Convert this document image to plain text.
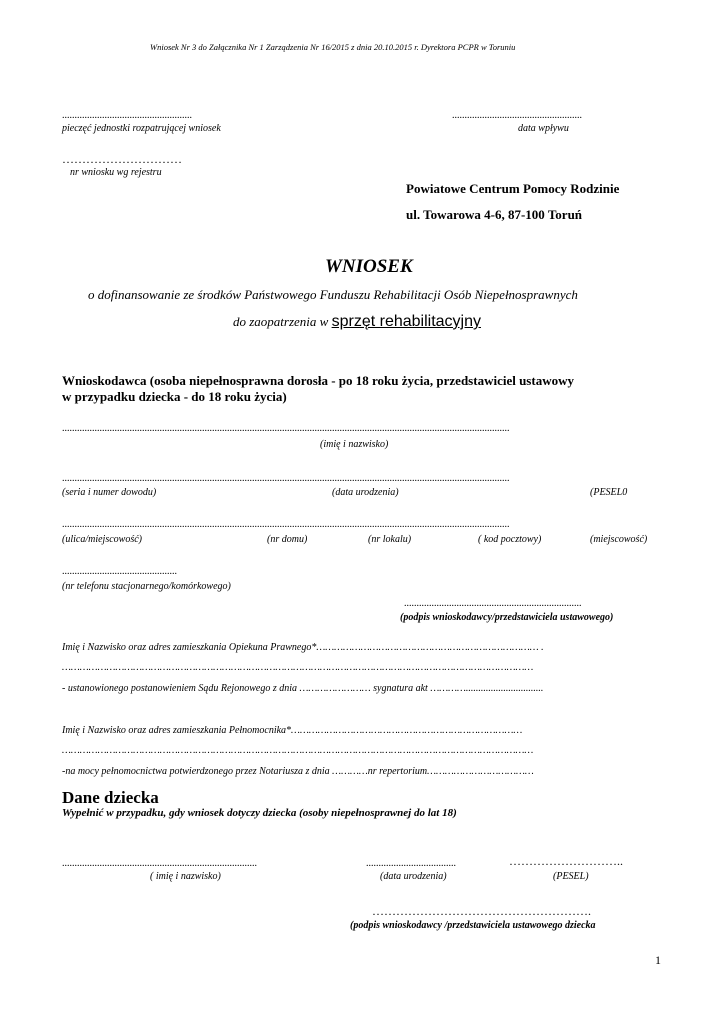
Wniosek Nr 3 do Załącznika Nr 1 Zarządzenia Nr 16/2015 z dnia 20.10.2015 r. Dyrektora PCPR w Toruniu
....................................................
pieczęć jednostki rozpatrującej wniosek
....................................................
data wpływu
…………………………
nr wniosku wg rejestru
Powiatowe Centrum Pomocy Rodzinie
ul. Towarowa 4-6, 87-100 Toruń
WNIOSEK
o dofinansowanie ze środków Państwowego Funduszu Rehabilitacji Osób Niepełnosprawnych
do zaopatrzenia w sprzęt rehabilitacyjny
Wnioskodawca (osoba niepełnosprawna dorosła - po 18 roku życia, przedstawiciel ustawowy
w przypadku dziecka - do 18 roku życia)
...................................................................................................................................................................................
(imię i nazwisko)
...................................................................................................................................................................................
(seria i numer dowodu)	(data urodzenia)	(PESEL0
...................................................................................................................................................................................
(ulica/miejscowość)	(nr domu)	(nr lokalu)	( kod pocztowy)	(miejscowość)
..............................................
(nr telefonu stacjonarnego/komórkowego)
.......................................................................
(podpis wnioskodawcy/przedstawiciela ustawowego)
Imię i Nazwisko oraz adres zamieszkania Opiekuna Prawnego*………………………………………………………………… .
……………………………………………………………………………………………………………………………………………
- ustanowionego postanowieniem Sądu Rejonowego z dnia …………………… sygnatura akt …………...............................
Imię i Nazwisko oraz adres zamieszkania Pełnomocnika*……………………………………………………………………
……………………………………………………………………………………………………………………………………………
-na mocy pełnomocnictwa potwierdzonego przez Notariusza z dnia …………nr repertorium………………………………
Dane dziecka
Wypełnić w przypadku, gdy wniosek dotyczy dziecka (osoby niepełnosprawnej do lat 18)
..............................................................................
( imię i nazwisko)
....................................
(data urodzenia)
………………………..
(PESEL)
……………………………………………….
(podpis wnioskodawcy /przedstawiciela ustawowego dziecka
1
